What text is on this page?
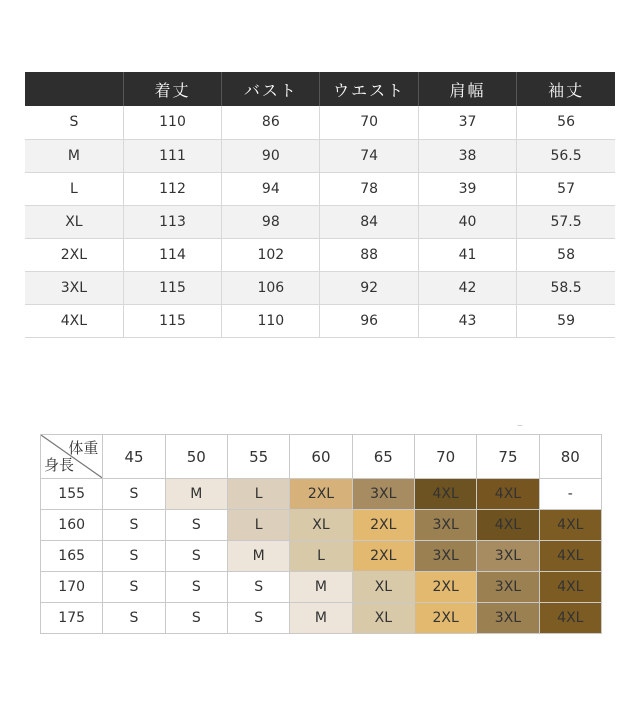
	着丈	バスト	ウエスト	肩幅	袖丈
S	110	86	70	37	56
M	111	90	74	38	56.5
L	112	94	78	39	57
XL	113	98	84	40	57.5
2XL	114	102	88	41	58
3XL	115	106	92	42	58.5
4XL	115	110	96	43	59
⌣
体重
身長	45	50	55	60	65	70	75	80
155	S	M	L	2XL	3XL	4XL	4XL	-
160	S	S	L	XL	2XL	3XL	4XL	4XL
165	S	S	M	L	2XL	3XL	3XL	4XL
170	S	S	S	M	XL	2XL	3XL	4XL
175	S	S	S	M	XL	2XL	3XL	4XL
